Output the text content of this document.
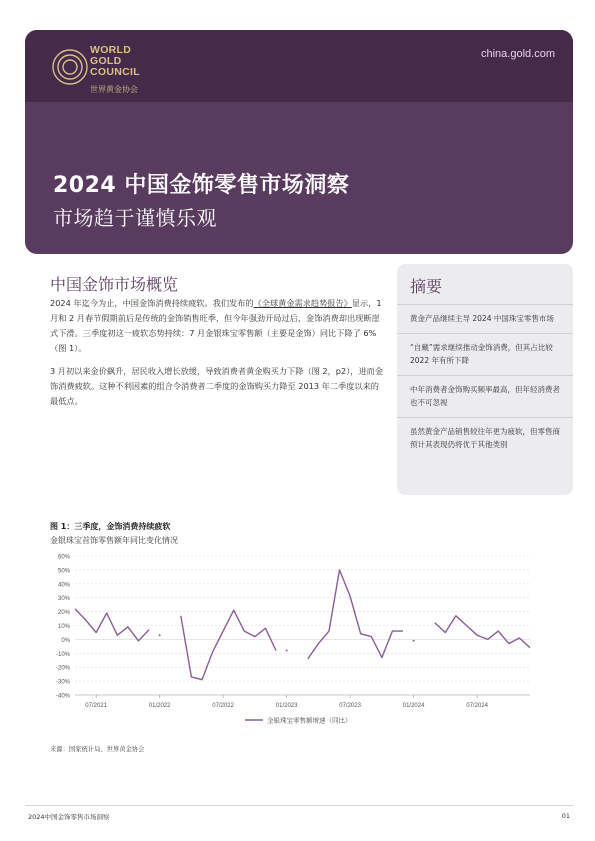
WORLD
GOLD
COUNCIL
世界黄金协会
china.gold.com
2024 中国金饰零售市场洞察
市场趋于谨慎乐观
中国金饰市场概览

2024 年迄今为止，中国金饰消费持续疲软。我们发布的《全球黄金需求趋势报告》显示，1 月和 2 月春节假期前后是传统的金饰销售旺季，但今年强劲开局过后，金饰消费却出现断崖式下滑。三季度初这一疲软态势持续：7 月金银珠宝零售额（主要是金饰）同比下降了 6%（图 1）。

3 月初以来金价飙升，居民收入增长放缓，导致消费者黄金购买力下降（图 2，p2），进而金饰消费疲软。这种不利因素的组合令消费者二季度的金饰购买力降至 2013 年二季度以来的最低点。

摘要
黄金产品继续主导 2024 中国珠宝零售市场
“自戴”需求继续推动金饰消费，但其占比较 2022 年有所下降
中年消费者金饰购买频率最高，但年轻消费者也不可忽视
虽然黄金产品销售较往年更为疲软，但零售商预计其表现仍将优于其他类别
图 1：三季度，金饰消费持续疲软
金银珠宝首饰零售额年同比变化情况
60%
50%
40%
30%
20%
10%
0%
-10%
-20%
-30%
-40%
07/2021	01/2022	07/2022	01/2023	07/2023	01/2024	07/2024
金银珠宝零售额增速（同比）
来源：国家统计局、世界黄金协会
2024中国金饰零售市场洞察	01
